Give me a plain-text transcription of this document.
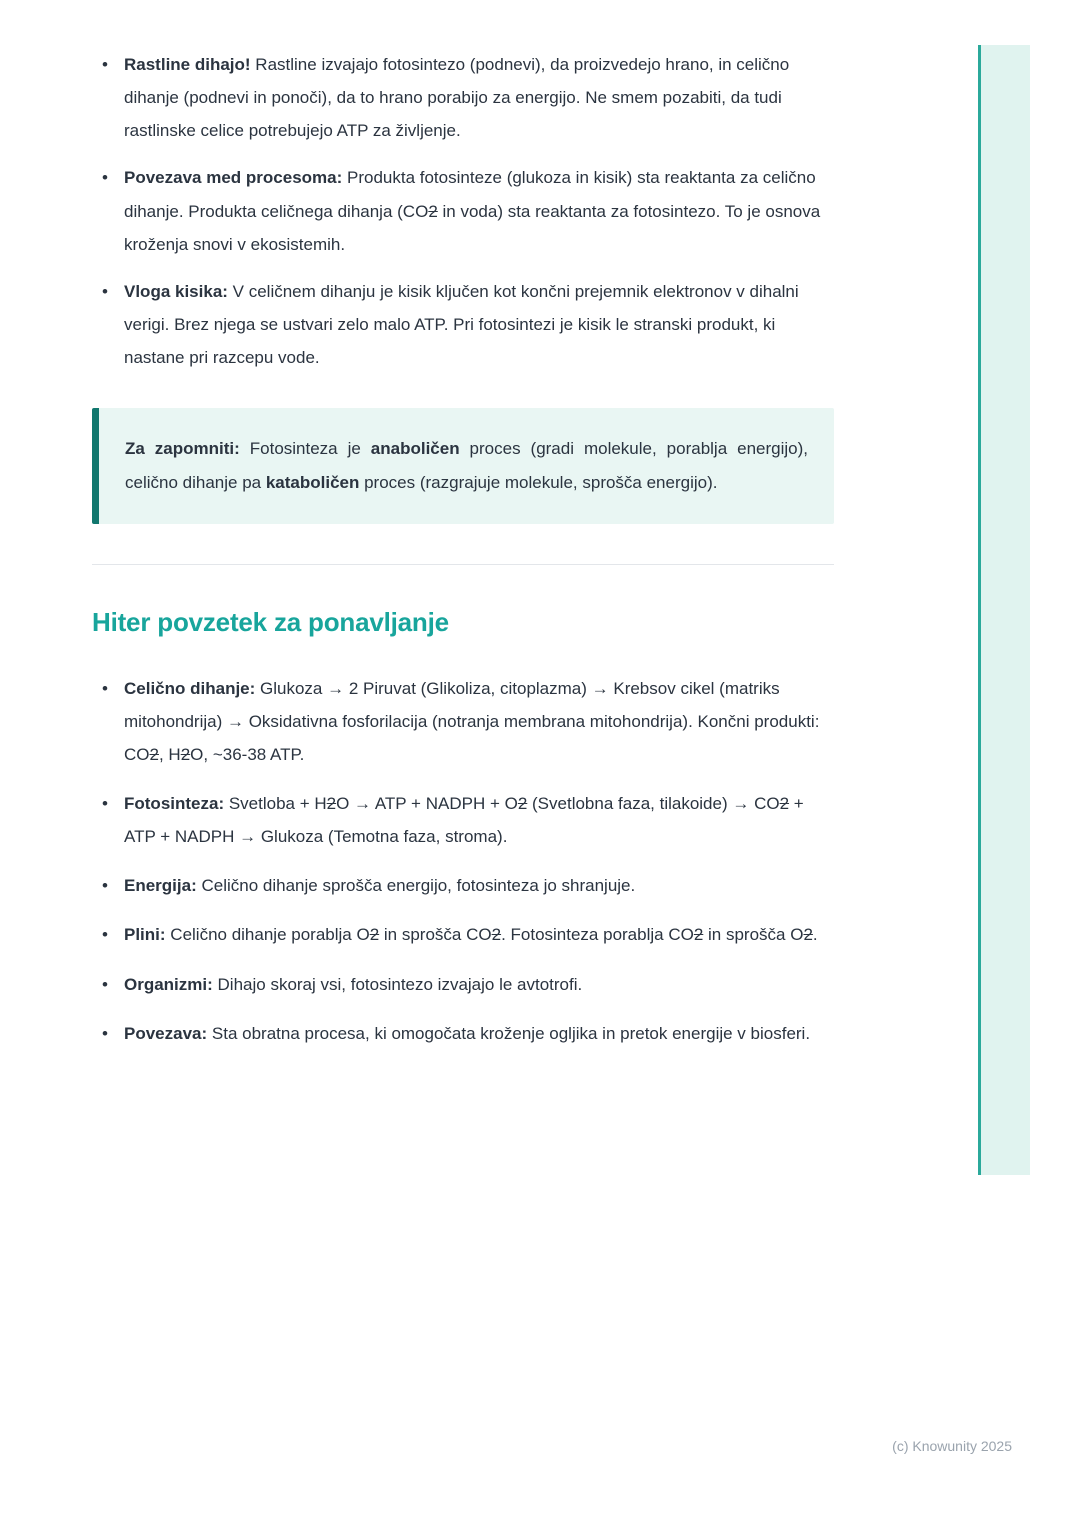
• Rastline dihajo! Rastline izvajajo fotosintezo (podnevi), da proizvedejo hrano, in celično dihanje (podnevi in ponoči), da to hrano porabijo za energijo. Ne smem pozabiti, da tudi rastlinske celice potrebujejo ATP za življenje.
• Povezava med procesoma: Produkta fotosinteze (glukoza in kisik) sta reaktanta za celično dihanje. Produkta celičnega dihanja (CO2 in voda) sta reaktanta za fotosintezo. To je osnova kroženja snovi v ekosistemih.
• Vloga kisika: V celičnem dihanju je kisik ključen kot končni prejemnik elektronov v dihalni verigi. Brez njega se ustvari zelo malo ATP. Pri fotosintezi je kisik le stranski produkt, ki nastane pri razcepu vode.

Za zapomniti: Fotosinteza je anaboličen proces (gradi molekule, porablja energijo), celično dihanje pa kataboličen proces (razgrajuje molekule, sprošča energijo).

Hiter povzetek za ponavljanje
• Celično dihanje: Glukoza → 2 Piruvat (Glikoliza, citoplazma) → Krebsov cikel (matriks mitohondrija) → Oksidativna fosforilacija (notranja membrana mitohondrija). Končni produkti: CO2, H2O, ~36-38 ATP.
• Fotosinteza: Svetloba + H2O → ATP + NADPH + O2 (Svetlobna faza, tilakoide) → CO2 + ATP + NADPH → Glukoza (Temotna faza, stroma).
• Energija: Celično dihanje sprošča energijo, fotosinteza jo shranjuje.
• Plini: Celično dihanje porablja O2 in sprošča CO2. Fotosinteza porablja CO2 in sprošča O2.
• Organizmi: Dihajo skoraj vsi, fotosintezo izvajajo le avtotrofi.
• Povezava: Sta obratna procesa, ki omogočata kroženje ogljika in pretok energije v biosferi.
(c) Knowunity 2025
